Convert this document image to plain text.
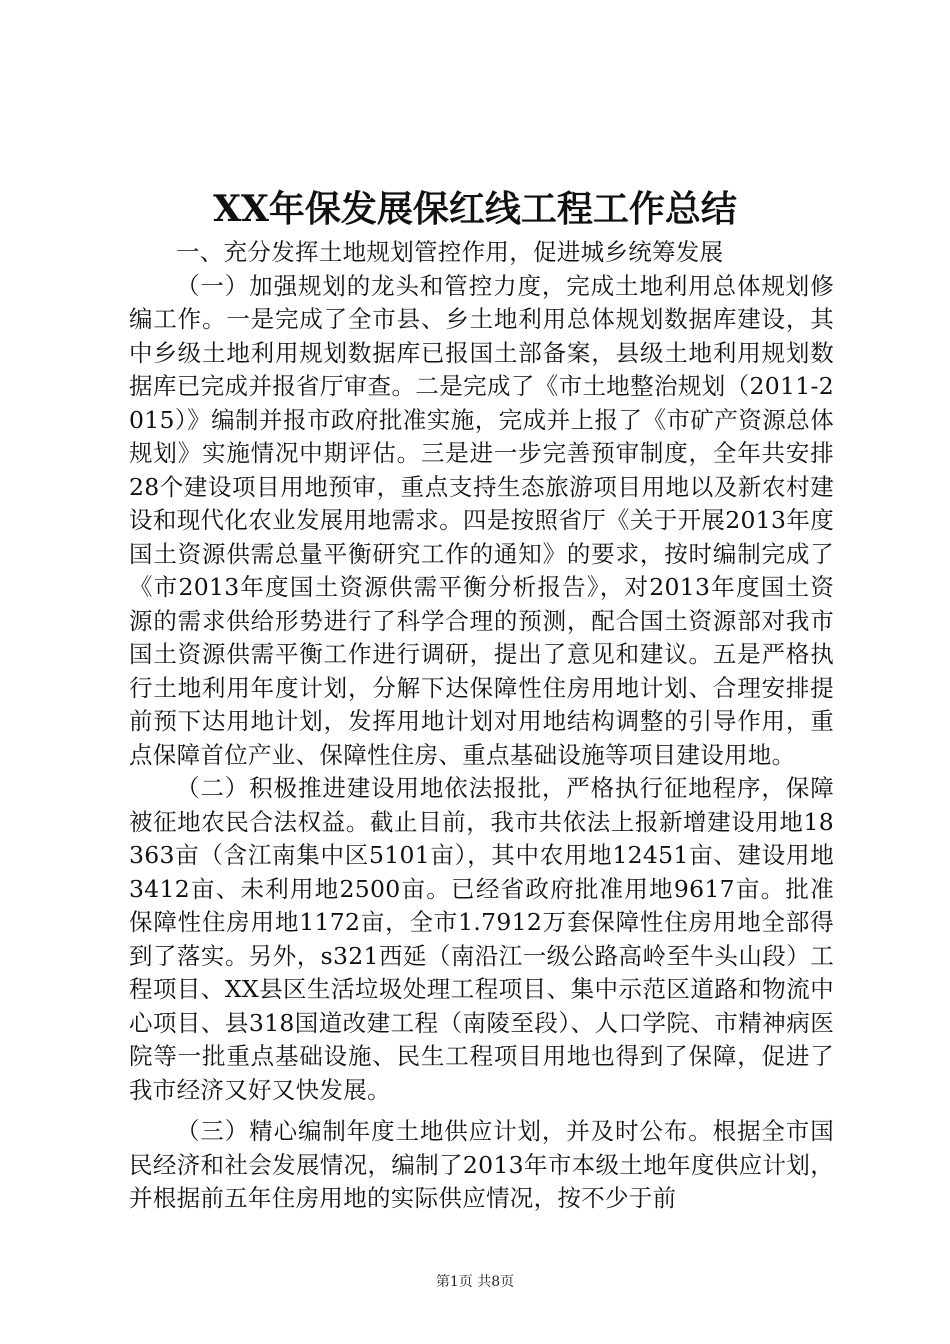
XX年保发展保红线工程工作总结

一、充分发挥土地规划管控作用，促进城乡统筹发展

（一）加强规划的龙头和管控力度，完成土地利用总体规划修编工作。一是完成了全市县、乡土地利用总体规划数据库建设，其中乡级土地利用规划数据库已报国土部备案，县级土地利用规划数据库已完成并报省厅审查。二是完成了《市土地整治规划（2011-2015）》编制并报市政府批准实施，完成并上报了《市矿产资源总体规划》实施情况中期评估。三是进一步完善预审制度，全年共安排28个建设项目用地预审，重点支持生态旅游项目用地以及新农村建设和现代化农业发展用地需求。四是按照省厅《关于开展2013年度国土资源供需总量平衡研究工作的通知》的要求，按时编制完成了《市2013年度国土资源供需平衡分析报告》，对2013年度国土资源的需求供给形势进行了科学合理的预测，配合国土资源部对我市国土资源供需平衡工作进行调研，提出了意见和建议。五是严格执行土地利用年度计划，分解下达保障性住房用地计划、合理安排提前预下达用地计划，发挥用地计划对用地结构调整的引导作用，重点保障首位产业、保障性住房、重点基础设施等项目建设用地。

（二）积极推进建设用地依法报批，严格执行征地程序，保障被征地农民合法权益。截止目前，我市共依法上报新增建设用地18363亩（含江南集中区5101亩），其中农用地12451亩、建设用地3412亩、未利用地2500亩。已经省政府批准用地9617亩。批准保障性住房用地1172亩，全市1.7912万套保障性住房用地全部得到了落实。另外，s321西延（南沿江一级公路高岭至牛头山段）工程项目、XX县区生活垃圾处理工程项目、集中示范区道路和物流中心项目、县318国道改建工程（南陵至段）、人口学院、市精神病医院等一批重点基础设施、民生工程项目用地也得到了保障，促进了我市经济又好又快发展。

（三）精心编制年度土地供应计划，并及时公布。根据全市国民经济和社会发展情况，编制了2013年市本级土地年度供应计划，并根据前五年住房用地的实际供应情况，按不少于前

第1页 共8页
